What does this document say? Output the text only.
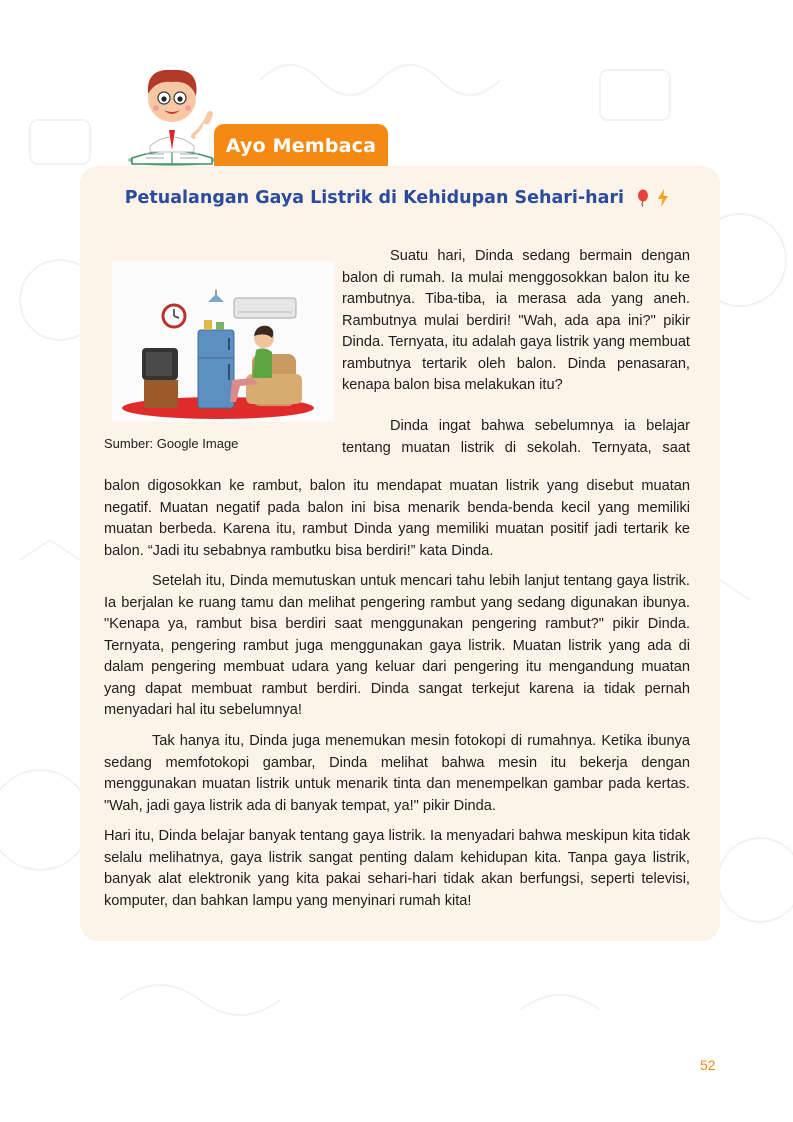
Ayo Membaca
Petualangan Gaya Listrik di Kehidupan Sehari-hari
Sumber: Google Image
Suatu hari, Dinda sedang bermain dengan balon di rumah. Ia mulai menggosokkan balon itu ke rambutnya. Tiba-tiba, ia merasa ada yang aneh. Rambutnya mulai berdiri! "Wah, ada apa ini?" pikir Dinda. Ternyata, itu adalah gaya listrik yang membuat rambutnya tertarik oleh balon. Dinda penasaran, kenapa balon bisa melakukan itu?
Dinda ingat bahwa sebelumnya ia belajar tentang muatan listrik di sekolah. Ternyata, saat
balon digosokkan ke rambut, balon itu mendapat muatan listrik yang disebut muatan negatif. Muatan negatif pada balon ini bisa menarik benda-benda kecil yang memiliki muatan berbeda. Karena itu, rambut Dinda yang memiliki muatan positif jadi tertarik ke balon. “Jadi itu sebabnya rambutku bisa berdiri!” kata Dinda.
Setelah itu, Dinda memutuskan untuk mencari tahu lebih lanjut tentang gaya listrik. Ia berjalan ke ruang tamu dan melihat pengering rambut yang sedang digunakan ibunya. "Kenapa ya, rambut bisa berdiri saat menggunakan pengering rambut?" pikir Dinda. Ternyata, pengering rambut juga menggunakan gaya listrik. Muatan listrik yang ada di dalam pengering membuat udara yang keluar dari pengering itu mengandung muatan yang dapat membuat rambut berdiri. Dinda sangat terkejut karena ia tidak pernah menyadari hal itu sebelumnya!
Tak hanya itu, Dinda juga menemukan mesin fotokopi di rumahnya. Ketika ibunya sedang memfotokopi gambar, Dinda melihat bahwa mesin itu bekerja dengan menggunakan muatan listrik untuk menarik tinta dan menempelkan gambar pada kertas. "Wah, jadi gaya listrik ada di banyak tempat, ya!" pikir Dinda.
Hari itu, Dinda belajar banyak tentang gaya listrik. Ia menyadari bahwa meskipun kita tidak selalu melihatnya, gaya listrik sangat penting dalam kehidupan kita. Tanpa gaya listrik, banyak alat elektronik yang kita pakai sehari-hari tidak akan berfungsi, seperti televisi, komputer, dan bahkan lampu yang menyinari rumah kita!
52
